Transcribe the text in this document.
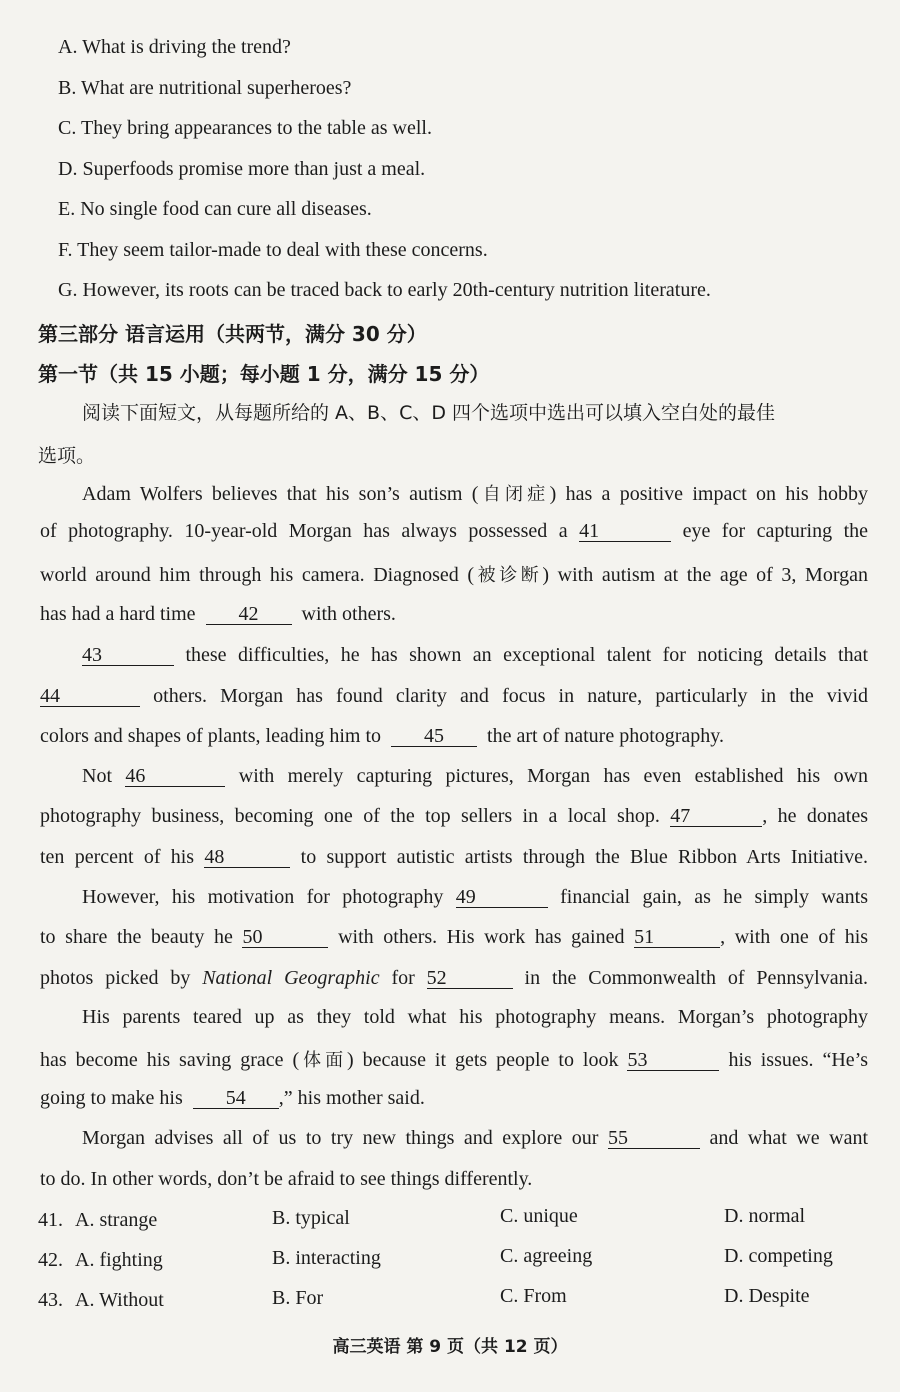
A. What is driving the trend?
B. What are nutritional superheroes?
C. They bring appearances to the table as well.
D. Superfoods promise more than just a meal.
E. No single food can cure all diseases.
F. They seem tailor-made to deal with these concerns.
G. However, its roots can be traced back to early 20th-century nutrition literature.
第三部分 语言运用（共两节，满分 30 分）
第一节（共 15 小题；每小题 1 分，满分 15 分）
阅读下面短文，从每题所给的 A、B、C、D 四个选项中选出可以填入空白处的最佳
选项。
Adam Wolfers believes that his son’s autism (自闭症) has a positive impact on his hobby
of photography. 10-year-old Morgan has always possessed a 41	eye for capturing the
world around him through his camera. Diagnosed (被诊断) with autism at the age of 3, Morgan
has had a hard time 42 with others.
43	these difficulties, he has shown an exceptional talent for noticing details that
44	others. Morgan has found clarity and focus in nature, particularly in the vivid
colors and shapes of plants, leading him to 45 the art of nature photography.
Not 46	with merely capturing pictures, Morgan has even established his own
photography business, becoming one of the top sellers in a local shop. 47	, he donates
ten percent of his 48	to support autistic artists through the Blue Ribbon Arts Initiative.
However, his motivation for photography 49	financial gain, as he simply wants
to share the beauty he 50	with others. His work has gained 51	, with one of his
photos picked by National Geographic for 52	in the Commonwealth of Pennsylvania.
His parents teared up as they told what his photography means. Morgan’s photography
has become his saving grace (体面) because it gets people to look 53	his issues. “He’s
going to make his 54 ,” his mother said.
Morgan advises all of us to try new things and explore our 55	and what we want
to do. In other words, don’t be afraid to see things differently.
41. A. strange	B. typical	C. unique	D. normal
42. A. fighting	B. interacting	C. agreeing	D. competing
43. A. Without	B. For	C. From	D. Despite
高三英语 第 9 页（共 12 页）
